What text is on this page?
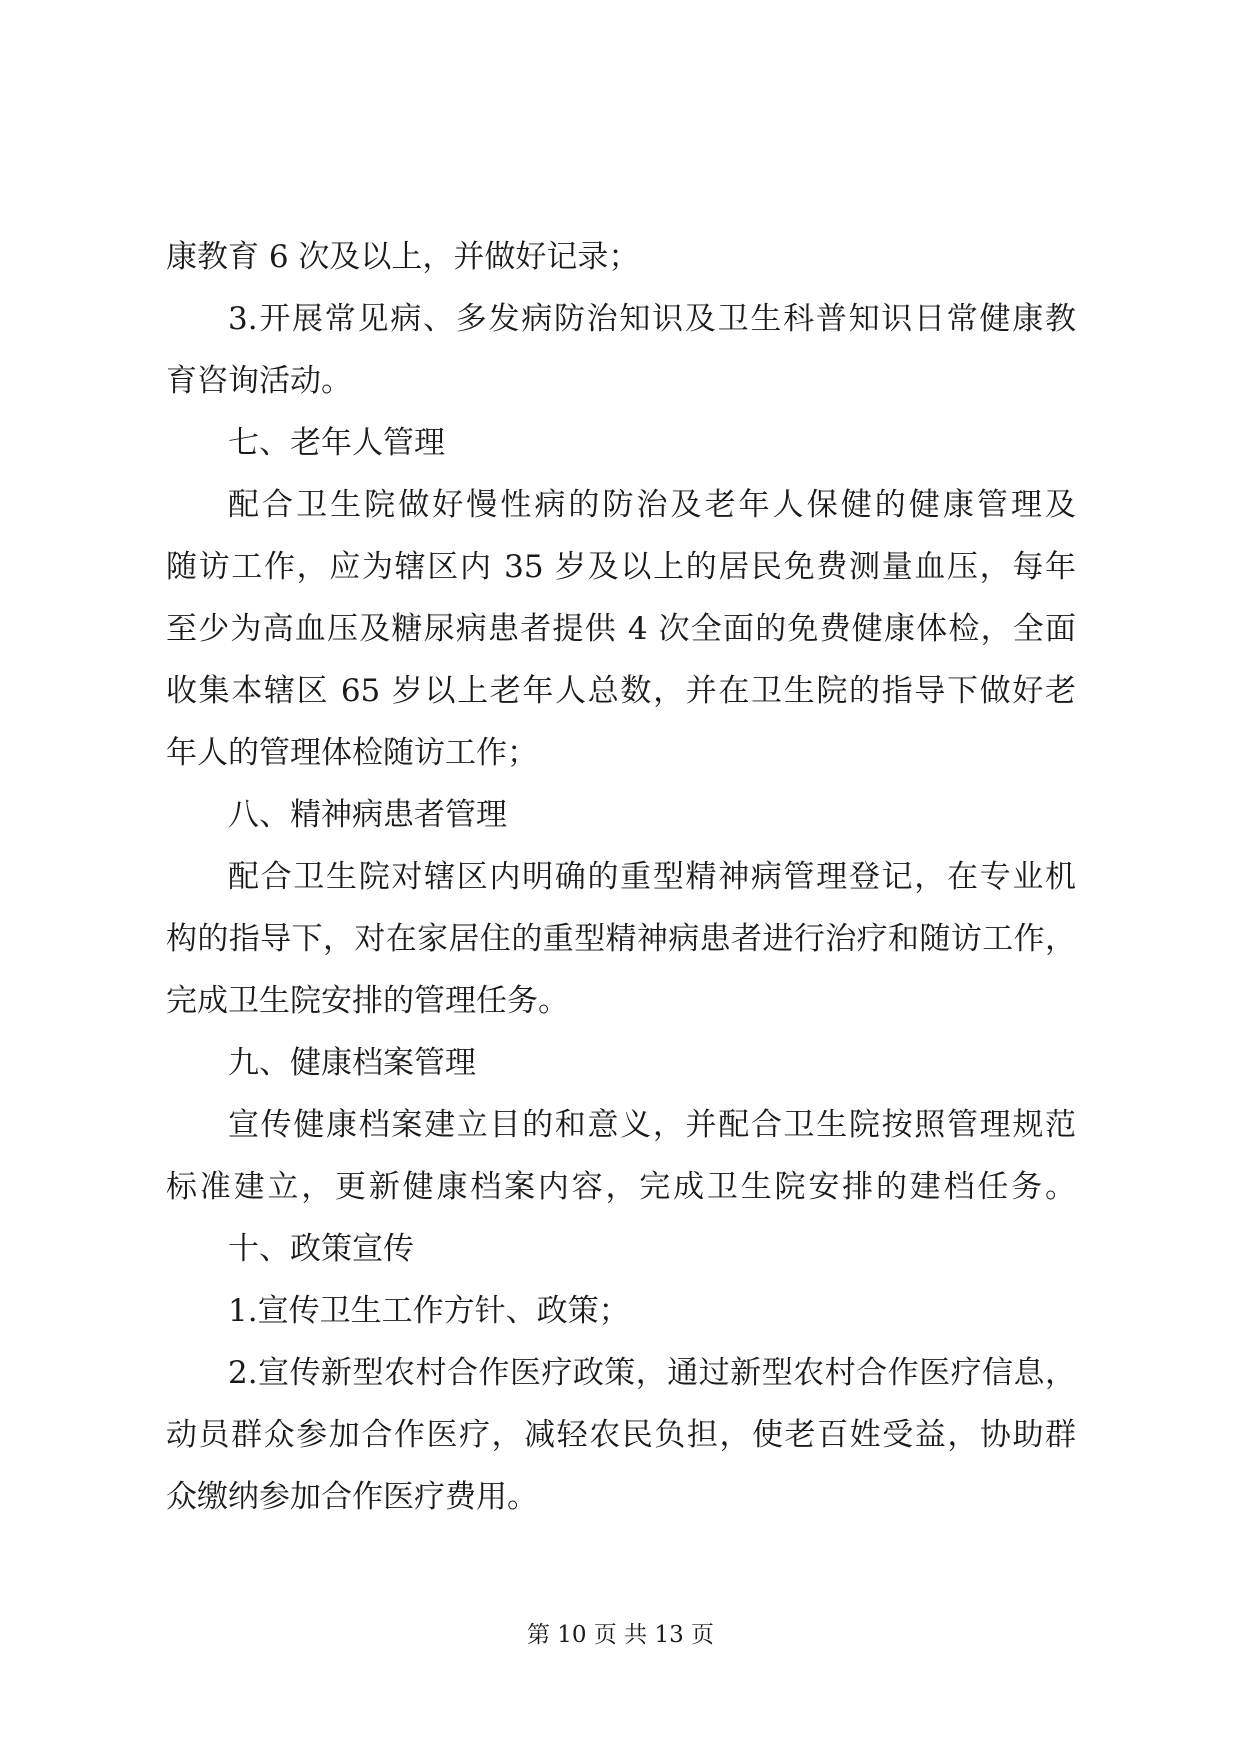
康教育 6 次及以上，并做好记录；
3.开展常见病、多发病防治知识及卫生科普知识日常健康教
育咨询活动。
七、老年人管理
配合卫生院做好慢性病的防治及老年人保健的健康管理及
随访工作，应为辖区内 35 岁及以上的居民免费测量血压，每年
至少为高血压及糖尿病患者提供 4 次全面的免费健康体检，全面
收集本辖区 65 岁以上老年人总数，并在卫生院的指导下做好老
年人的管理体检随访工作；
八、精神病患者管理
配合卫生院对辖区内明确的重型精神病管理登记，在专业机
构的指导下，对在家居住的重型精神病患者进行治疗和随访工作，
完成卫生院安排的管理任务。
九、健康档案管理
宣传健康档案建立目的和意义，并配合卫生院按照管理规范
标准建立，更新健康档案内容，完成卫生院安排的建档任务。
十、政策宣传
1.宣传卫生工作方针、政策；
2.宣传新型农村合作医疗政策，通过新型农村合作医疗信息，
动员群众参加合作医疗，减轻农民负担，使老百姓受益，协助群
众缴纳参加合作医疗费用。
第 10 页 共 13 页
